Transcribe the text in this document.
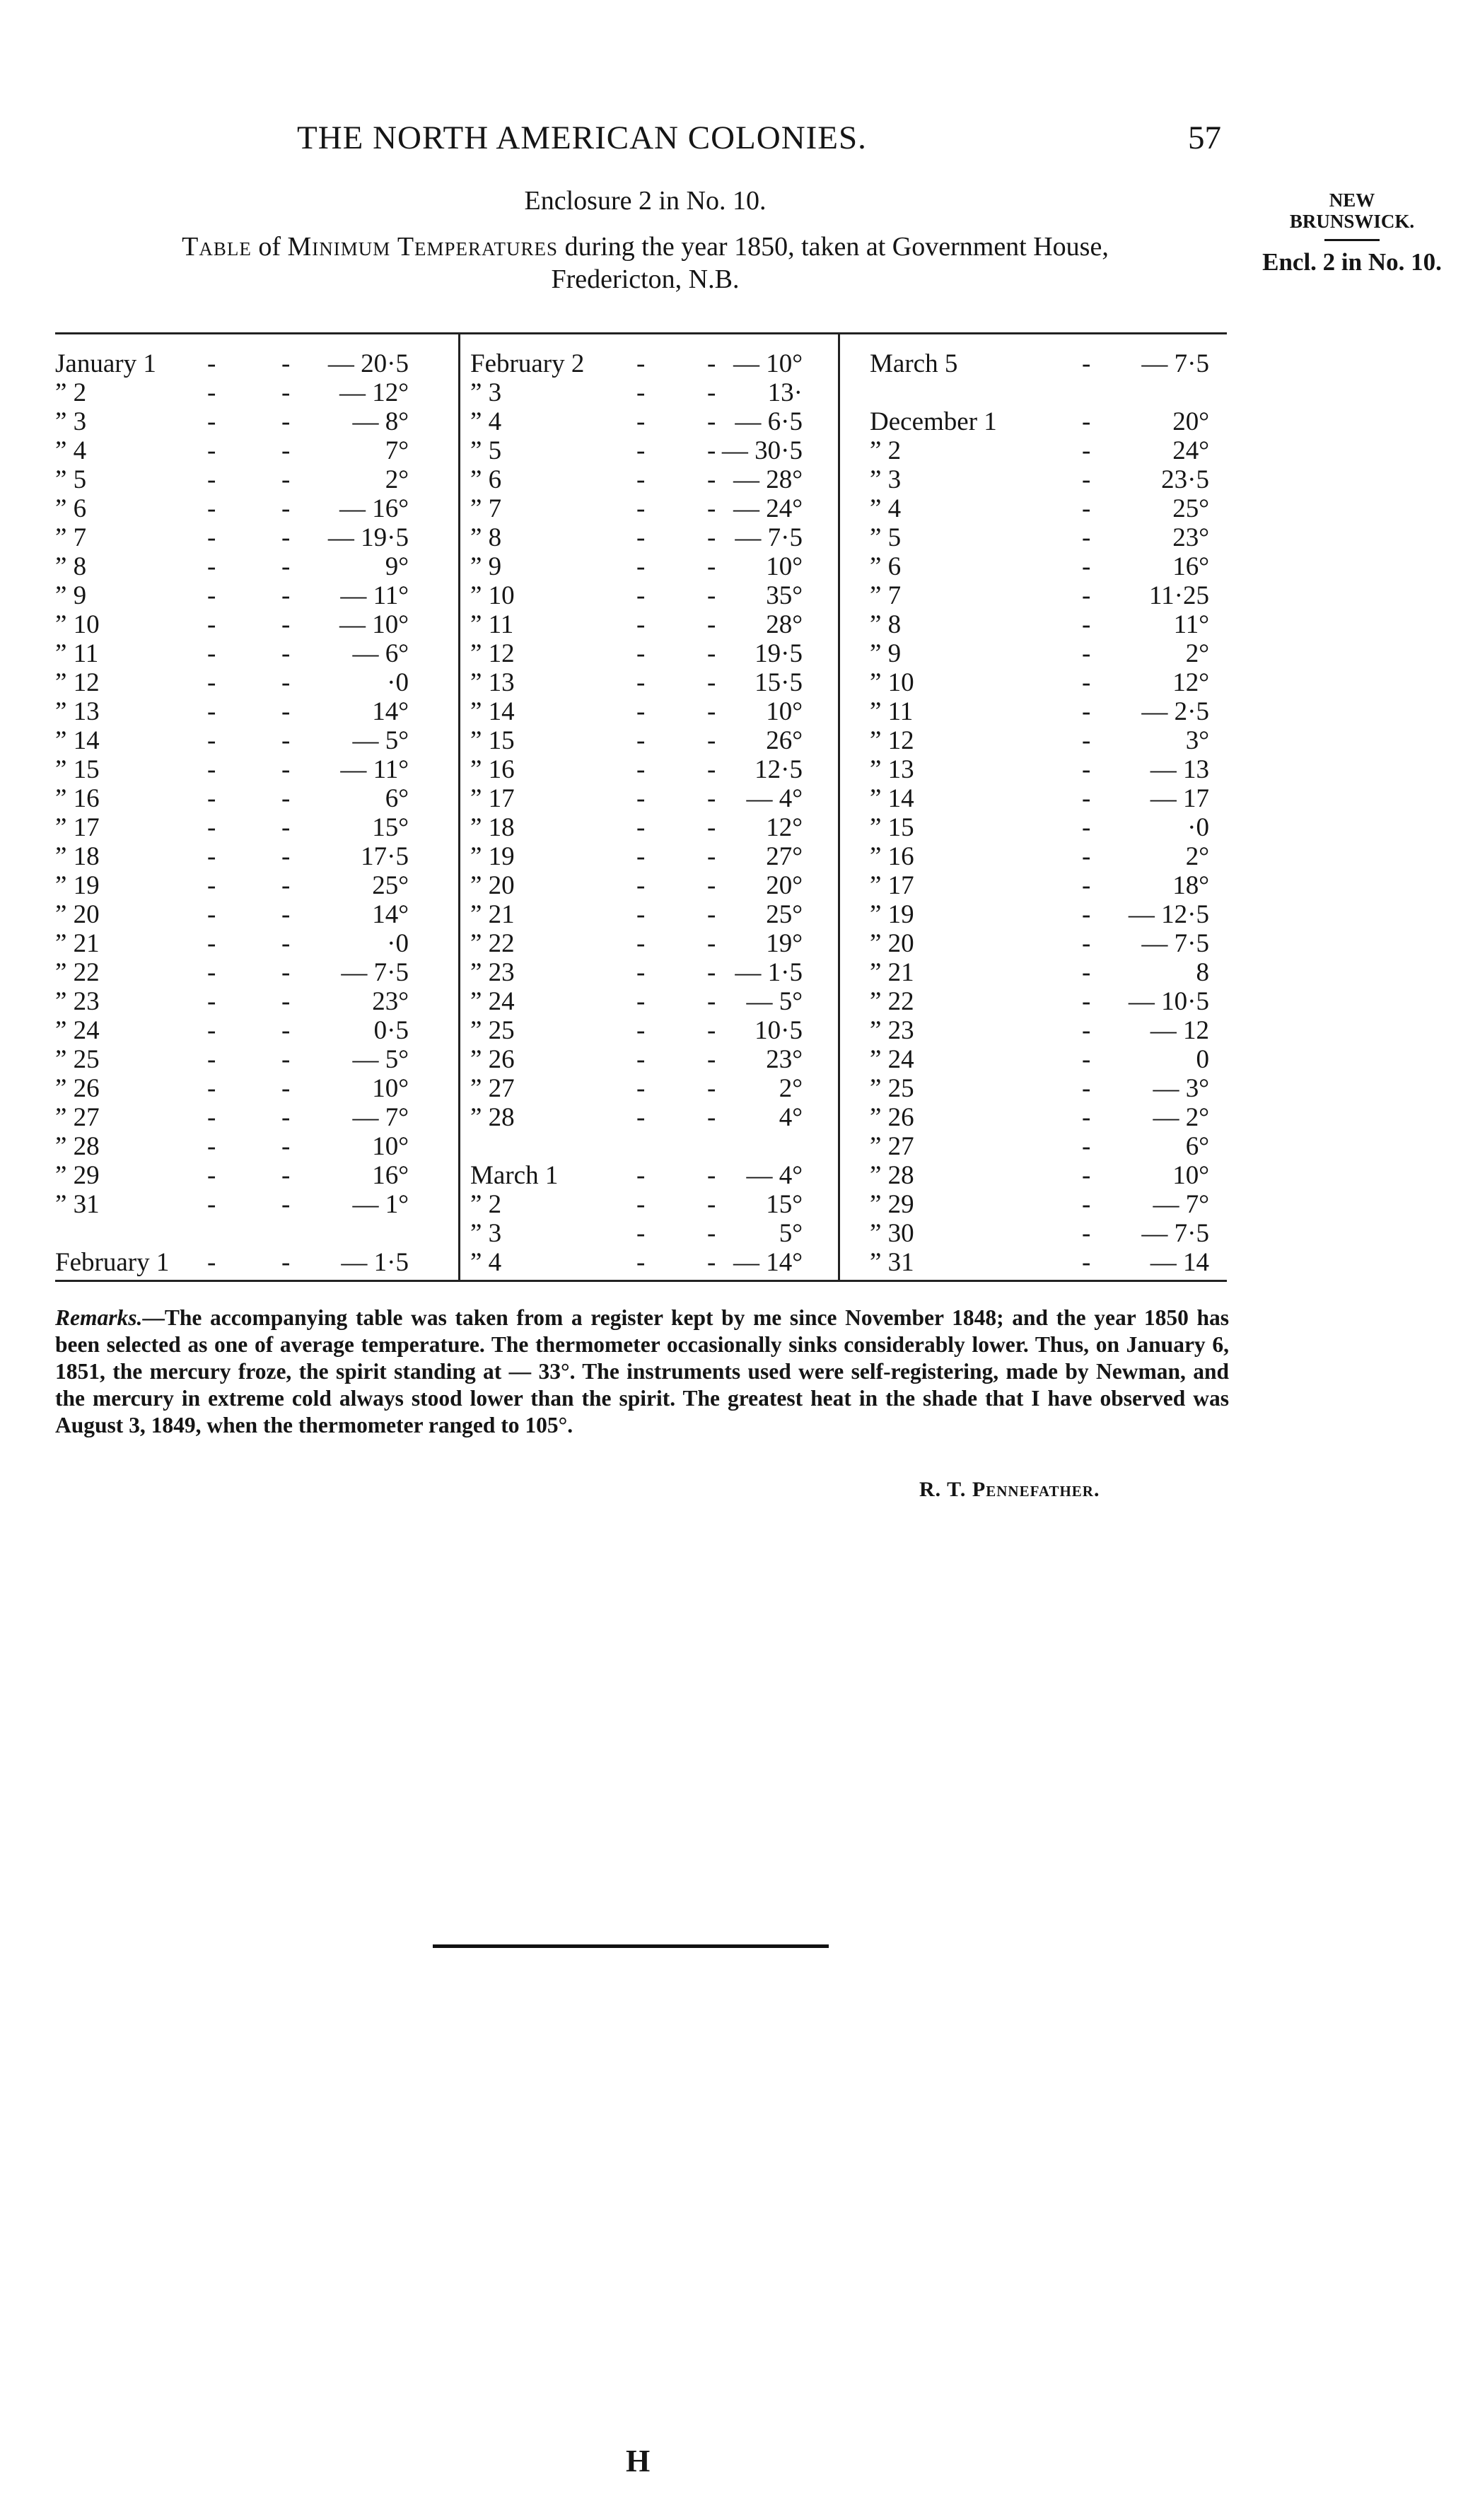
THE NORTH AMERICAN COLONIES.	57
NEW
BRUNSWICK.
Encl. 2 in No. 10.
Enclosure 2 in No. 10.
Table of Minimum Temperatures during the year 1850, taken at Government House,
Fredericton, N.B.
January 1 -	- — 20·5
” 2	-	- — 12°
” 3	-	- — 8°
” 4	-	-	7°
” 5	-	-	2°
” 6	-	- — 16°
” 7	-	- — 19·5
” 8	-	-	9°
” 9	-	- — 11°
” 10	-	- — 10°
” 11	-	- — 6°
” 12	-	-	·0
” 13	-	-	14°
” 14	-	- — 5°
” 15	-	- — 11°
” 16	-	-	6°
” 17	-	-	15°
” 18	-	-	17·5
” 19	-	-	25°
” 20	-	-	14°
” 21	-	-	·0
” 22	-	- — 7·5
” 23	-	-	23°
” 24	-	-	0·5
” 25	-	- — 5°
” 26	-	-	10°
” 27	-	- — 7°
” 28	-	-	10°
” 29	-	-	16°
” 31	-	- — 1°
February 1 -	- — 1·5
February 2 - - — 10°
” 3	- - 13·
” 4	- - — 6·5
” 5	- - — 30·5
” 6	- - — 28°
” 7	- - — 24°
” 8	- - — 7·5
” 9	- - 10°
” 10	- - 35°
” 11	- - 28°
” 12	- - 19·5
” 13	- - 15·5
” 14	- - 10°
” 15	- - 26°
” 16	- - 12·5
” 17	- - — 4°
” 18	- - 12°
” 19	- - 27°
” 20	- - 20°
” 21	- - 25°
” 22	- - 19°
” 23	- - — 1·5
” 24	- - — 5°
” 25	- - 10·5
” 26	- - 23°
” 27	- - 2°
” 28	- - 4°
March 1	- - — 4°
” 2	- - 15°
” 3	- - 5°
” 4	- - — 14°
March 5	- — 7·5
December 1	-	20°
” 2	-	24°
” 3	-	23·5
” 4	-	25°
” 5	-	23°
” 6	-	16°
” 7	- 11·25
” 8	-	11°
” 9	-	2°
” 10	-	12°
” 11	- — 2·5
” 12	-	3°
” 13	- — 13
” 14	- — 17
” 15	-	·0
” 16	-	2°
” 17	-	18°
” 19	- — 12·5
” 20	- — 7·5
” 21	-	8
” 22	- — 10·5
” 23	- — 12
” 24	-	0
” 25	- — 3°
” 26	- — 2°
” 27	-	6°
” 28	-	10°
” 29	- — 7°
” 30	- — 7·5
” 31	- — 14
Remarks.—The accompanying table was taken from a register kept by me since November 1848; and the year 1850 has been selected as one of average temperature. The thermometer occasionally sinks considerably lower. Thus, on January 6, 1851, the mercury froze, the spirit standing at — 33°. The instruments used were self-registering, made by Newman, and the mercury in extreme cold always stood lower than the spirit. The greatest heat in the shade that I have observed was August 3, 1849, when the thermometer ranged to 105°.
R. T. Pennefather.
H
